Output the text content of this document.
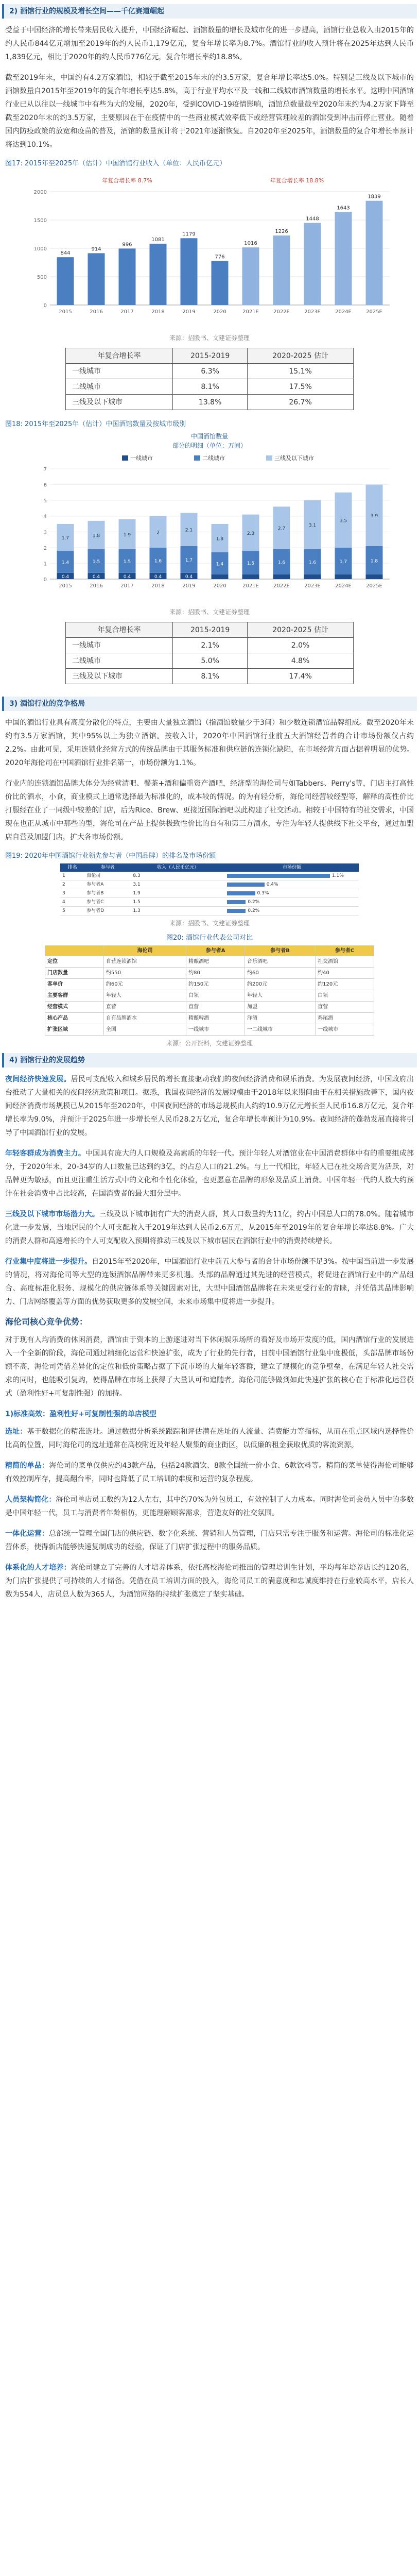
2) 酒馆行业的规模及增长空间——千亿赛道崛起

受益于中国经济的增长带来居民收入提升，中国经济崛起、酒馆数量的增长及城市化的进一步提高，酒馆行业总收入由2015年的约人民币844亿元增加至2019年的约人民币1,179亿元，复合年增长率为8.7%。酒馆行业的收入预计将在2025年达到人民币1,839亿元，相比于2020年的约人民币776亿元，复合年增长率约18.8%。

截至2019年末，中国约有4.2万家酒馆，相较于截至2015年末的约3.5万家，复合年增长率达5.0%。特别是三线及以下城市的酒馆数量自2015年至2019年的复合年增长率达5.8%，高于行业平均水平及一线和二线城市酒馆数量的增长水平。这明中国酒馆行业已从以往以一线城市中有些为大的发展，2020年，受到COVID-19疫情影响，酒馆总数量截至2020年末约为4.2万家下降至截至2020年末的约3.5万家，主要原因在于在疫情中的一些商业模式效率低下或经营管理较差的酒馆受到冲击而停止营业。随着国内防疫政策的放宽和疫苗的普及，酒馆的数量预计将于2021年逐渐恢复。自2020年至2025年，酒馆数量的复合年增长率预计将达到10.1%。

图17: 2015年至2025年（估计）中国酒馆行业收入（单位：人民币亿元）
0
500
1000
1500
2000
844
2015
914
2016
996
2017
1081
2018
1179
2019
776
2020
1016
2021E
1226
2022E
1448
2023E
1643
2024E
1839
2025E
年复合增长率 8.7%	年复合增长率 18.8%
来源：招股书、文建证券整理
年复合增长率	2015-2019	2020-2025 估计
一线城市	6.3%	15.1%
二线城市	8.1%	17.5%
三线及以下城市	13.8%	26.7%
图18: 2015年至2025年（估计）中国酒馆数量及按城市级别
中国酒馆数量
部分的明细（单位：万间）
0
1
2
3
4
5
6
7
0.4
1.4
1.7
2015
0.4
1.5
1.8
2016
0.4
1.5
1.9
2017
0.4
1.6
2
2018
0.4
1.7
2.1
2019
1.4
1.8
2020
1.5
2.3
2021E
1.6
2.7
2022E
1.6
3.1
2023E
1.7
3.5
2024E
1.8
3.9
2025E
一线城市	二线城市	三线及以下城市
来源：招股书、文建证券整理
年复合增长率	2015-2019	2020-2025 估计
一线城市	2.1%	2.0%
二线城市	5.0%	4.8%
三线及以下城市	8.1%	17.4%
3) 酒馆行业的竞争格局

中国的酒馆行业具有高度分散化的特点，主要由大量独立酒馆（指酒馆数量少于3间）和少数连锁酒馆品牌组成。截至2020年末约有3.5万家酒馆，其中95%以上为独立酒馆。按收入计，2020年中国酒馆行业前五大酒馆经营者的合计市场份额仅占约2.2%。由此可见，采用连锁化经营方式的传统品牌由于其服务标准和供应链的连锁化缺陷，在市场经营方面占据着明显的优势。2020年海伦司在中国酒馆行业排名第一，市场份额为1.1%。

行业内的连锁酒馆品牌大体分为经营清吧、餐茶+酒和偏重资产酒吧，经济型的海伦司与如Tabbers、Perry's等，门店主打高性价比的酒水，小食，商业模式上通常选择最为标准化的，成本较的情况。的为有轻分析，海伦司经营较经型等，解释的高性价比打服经在业了一同级中较差的门店，后为Rice、Brew、更接近国际酒吧以此构建了社交活动。相较于中国特有的社交需求，中国现在也正从城市中那些的型，海伦司在产品上提供极致性价比的自有和第三方酒水，专注为年轻人提供线下社交平台，通过加盟店自营及加盟门店，扩大各市场份额。

图19: 2020年中国酒馆行业领先参与者（中国品牌）的排名及市场份额
排名	参与者	收入（人民币亿元）	市场份额
1	海伦司	8.3	1.1%

2	参与者A	3.1	0.4%

3	参与者B	1.9	0.3%

4	参与者C	1.5	0.2%

5	参与者D	1.3	0.2%
来源：招股书、文建证券整理
图20: 酒馆行业代表公司对比
	海伦司	参与者A	参与者B	参与者C
定位	自营连锁酒馆	精酿酒吧	音乐酒吧	社交酒馆
门店数量	约550	约80	约60	约40
客单价	约60元	约150元	约200元	约120元
主要客群	年轻人	白领	年轻人	白领
经营模式	直营	直营	加盟	直营
核心产品	自有品牌酒水	精酿啤酒	洋酒	鸡尾酒
扩张区域	全国	一线城市	一二线城市	一线城市
来源：公开资料，文建证券整理
4) 酒馆行业的发展趋势

夜间经济快速发展。居民可支配收入和城乡居民的增长直接驱动我们的夜间经济消费和娱乐消费。为发展夜间经济，中国政府出台推动了大量相关的夜间经济政策和项目。据悉，我国夜间经济的发展规模由于2018年以来期间由于在相关措施改善下，国内夜间经济消费市场规模已从2015年至2020年，中国夜间经济的市场总规模由人约约10.9万亿元增长至人民币16.8万亿元，复合年增长率为9.0%，并预计于2025年进一步增长至人民币28.2万亿元，复合年增长率预计为10.9%。夜间经济的蓬勃发展直接将引导了中国酒馆行业的发展。

年轻客群成为消费主力。中国具有庞大的人口规模及高素质的年轻一代。预计年轻人对酒馆业在中国消费群体中有的重要组成部分，于2020年末，20-34岁的人口数量已达到约3亿，约占总人口的21.2%。与上一代相比，年轻人已在社交场合更为活跃，对品牌更为敏感，而且更注重生活方式中的文化和个性化体验，也更愿意在品牌的形象及品质上消费。中国年轻一代的人数大约预计在社会消费中占比较高，在国消费者的最大细分层中。

三线及以下城市市场潜力大。三线及以下城市拥有广大的消费人群，其人口数量约为11亿，约占中国总人口的78.0%。随着城市化进一步发展，当地居民的个人可支配收入于2019年达到人民币2.6万元，从2015年至2019年的复合年增长率达8.8%。广大的消费人群和高速增长的个人可支配收入预期将推动三线及以下城市居民在酒馆行业中的消费持续增长。

行业集中度将进一步提升。自2015年至2020年，中国酒馆行业中前五大参与者的合计市场份额不足3%。按中国当前进一步发展的情况，将对海伦司等大型的连锁酒馆品牌带来更多机遇。头部的品牌通过其先进的经营模式，将促进在酒馆行业中的产品组合、高度标准化服务、规模化的供应链体系等关键因素对比，大型中国酒馆品牌将在未来更受行业的青睐，并凭借其品牌影响力、门店网络覆盖等方面的优势获取更多的发展空间，未来市场集中度将进一步提升。

海伦司核心竞争优势：

对于现有人均消费的休闲消费，酒馆由于资本的上游逐进对当下休闲娱乐场所的看好及市场开发度的低，国内酒馆行业的发展进入一个全新的阶段，海伦司通过精细化运营和快速扩张，成为了行业的先行者，目前中国酒馆行业集中度极低，头部品牌市场份额不高，海伦司凭借差异化的定位和低价策略占据了下沉市场的大量年轻客群，建立了规模化的竞争壁垒，在满足年轻人社交需求的同时，也能吸引复购，使得品牌在市场上获得了大量认可和追随者。海伦司能够做到如此快速扩张的核心在于标准化运营模式（盈利性好+可复制性强）的加持。

1)标准高效：盈利性好+可复制性强的单店模型

选址：基于数据化的精准选址。通过数据分析系统跟踪和评估潜在选址的人流量、消费能力等指标，从而在重点区域内选择性价比高的位置，同时海伦司的选址通常在高校附近及年轻人聚集的商业街区，以低廉的租金获取优质的客流资源。

精简的单品：海伦司的菜单仅供应约43款产品，包括24款酒饮、8款全国统一价小食、6款饮料等。精简的菜单使得海伦司能够有效控制库存，提高翻台率，同时也降低了员工培训的难度和运营的复杂程度。

人员架构简化：海伦司单店员工数约为12人左右，其中约70%为外包员工，有效控制了人力成本。同时海伦司会员人员中的多数是中国年轻一代，员工与消费者年龄相仿，更能理解顾客需求，营造友好的社交氛围。

一体化运营：总部统一管理全国门店的供应链、数字化系统、营销和人员管理，门店只需专注于服务和运营。海伦司的标准化运营体系，使得新店能够快速复制成功的经验，保证了门店扩张过程中的服务品质。

体系化的人才培养：海伦司建立了完善的人才培养体系，依托高校海伦司推出的管理培训生计划，平均每年培养店长约120名，为门店扩张提供了可持续的人才储备。凭借在员工培训方面的投入，海伦司员工的满意度和忠诚度维持在行业较高水平，店长人数为554人，店员总人数为365人，为酒馆网络的持续扩张奠定了坚实基础。
